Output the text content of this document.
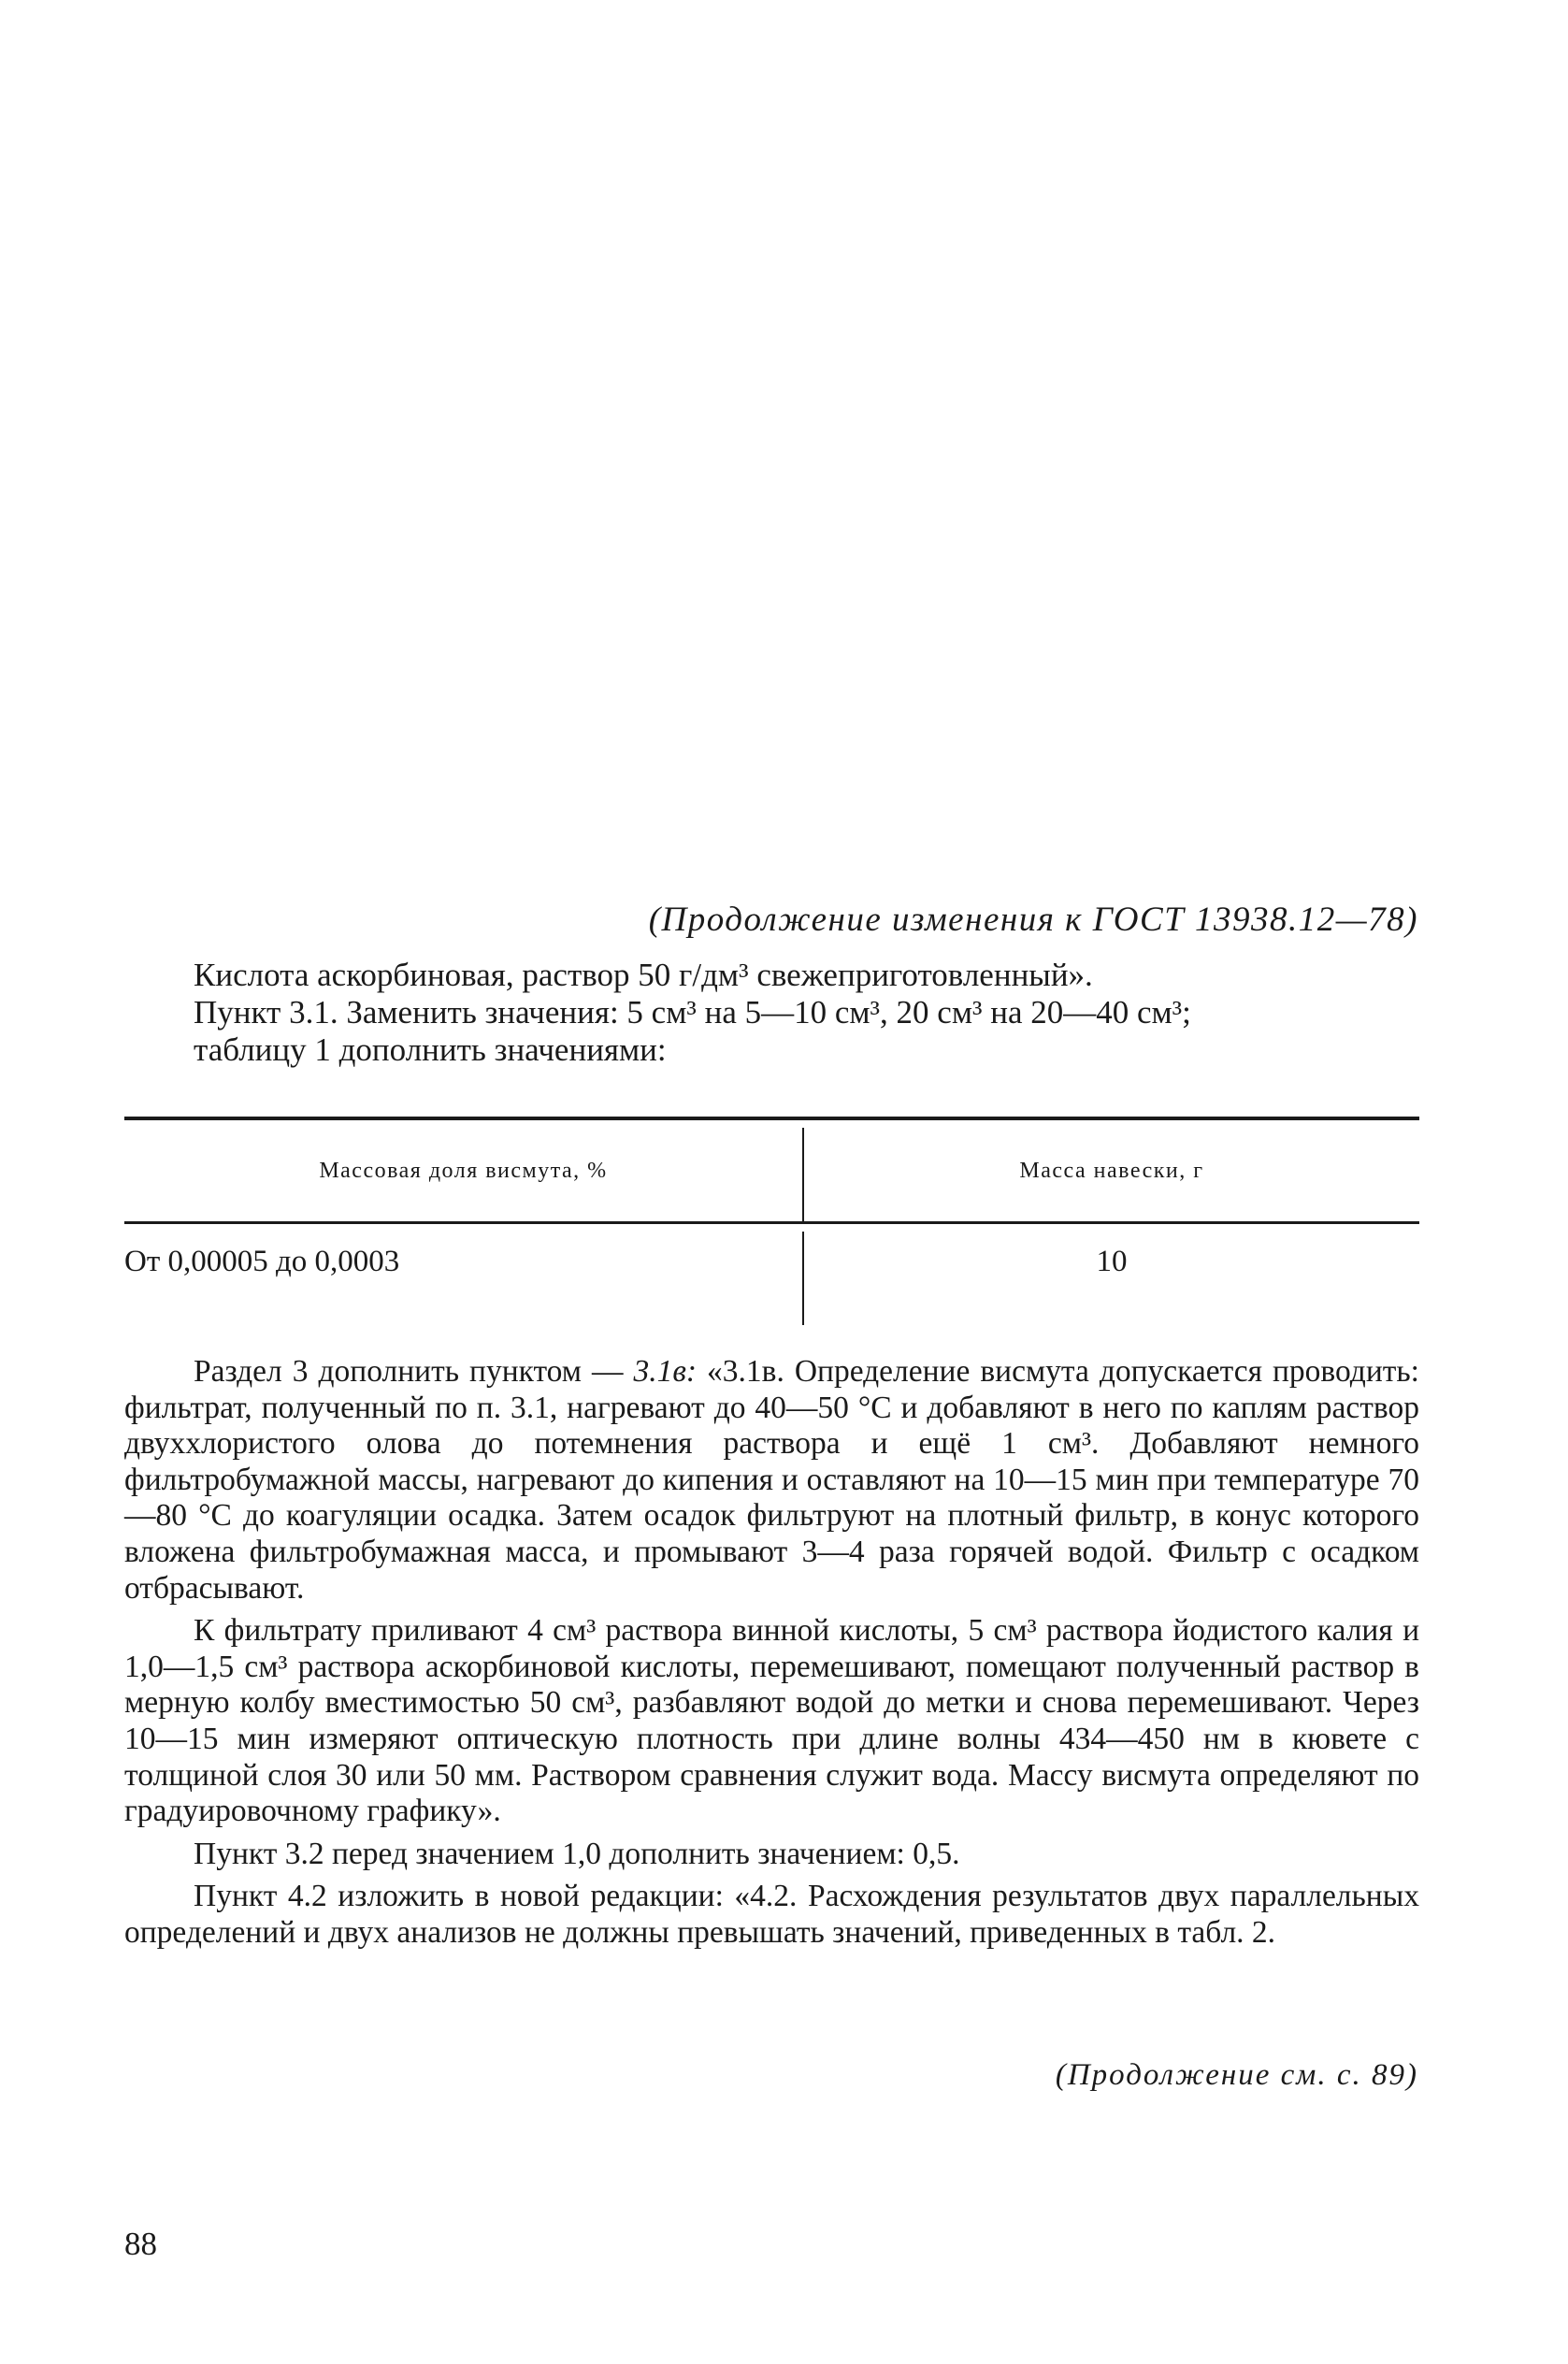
(Продолжение изменения к ГОСТ 13938.12—78)

Кислота аскорбиновая, раствор 50 г/дм³ свежеприготовленный».

Пункт 3.1. Заменить значения: 5 см³ на 5—10 см³, 20 см³ на 20—40 см³;

таблицу 1 дополнить значениями:

Массовая доля висмута, %	Масса навески, г
От 0,00005 до 0,0003	10

Раздел 3 дополнить пунктом — 3.1в: «3.1в. Определение висмута допускается проводить: фильтрат, полученный по п. 3.1, нагревают до 40—50 °С и добавляют в него по каплям раствор двуххлористого олова до потемнения раствора и ещё 1 см³. Добавляют немного фильтробумажной массы, нагревают до кипения и оставляют на 10—15 мин при температуре 70—80 °С до коагуляции осадка. Затем осадок фильтруют на плотный фильтр, в конус которого вложена фильтробумажная масса, и промывают 3—4 раза горячей водой. Фильтр с осадком отбрасывают.

К фильтрату приливают 4 см³ раствора винной кислоты, 5 см³ раствора йодистого калия и 1,0—1,5 см³ раствора аскорбиновой кислоты, перемешивают, помещают полученный раствор в мерную колбу вместимостью 50 см³, разбавляют водой до метки и снова перемешивают. Через 10—15 мин измеряют оптическую плотность при длине волны 434—450 нм в кювете с толщиной слоя 30 или 50 мм. Раствором сравнения служит вода. Массу висмута определяют по градуировочному графику».

Пункт 3.2 перед значением 1,0 дополнить значением: 0,5.

Пункт 4.2 изложить в новой редакции: «4.2. Расхождения результатов двух параллельных определений и двух анализов не должны превышать значений, приведенных в табл. 2.

(Продолжение см. с. 89)
88
